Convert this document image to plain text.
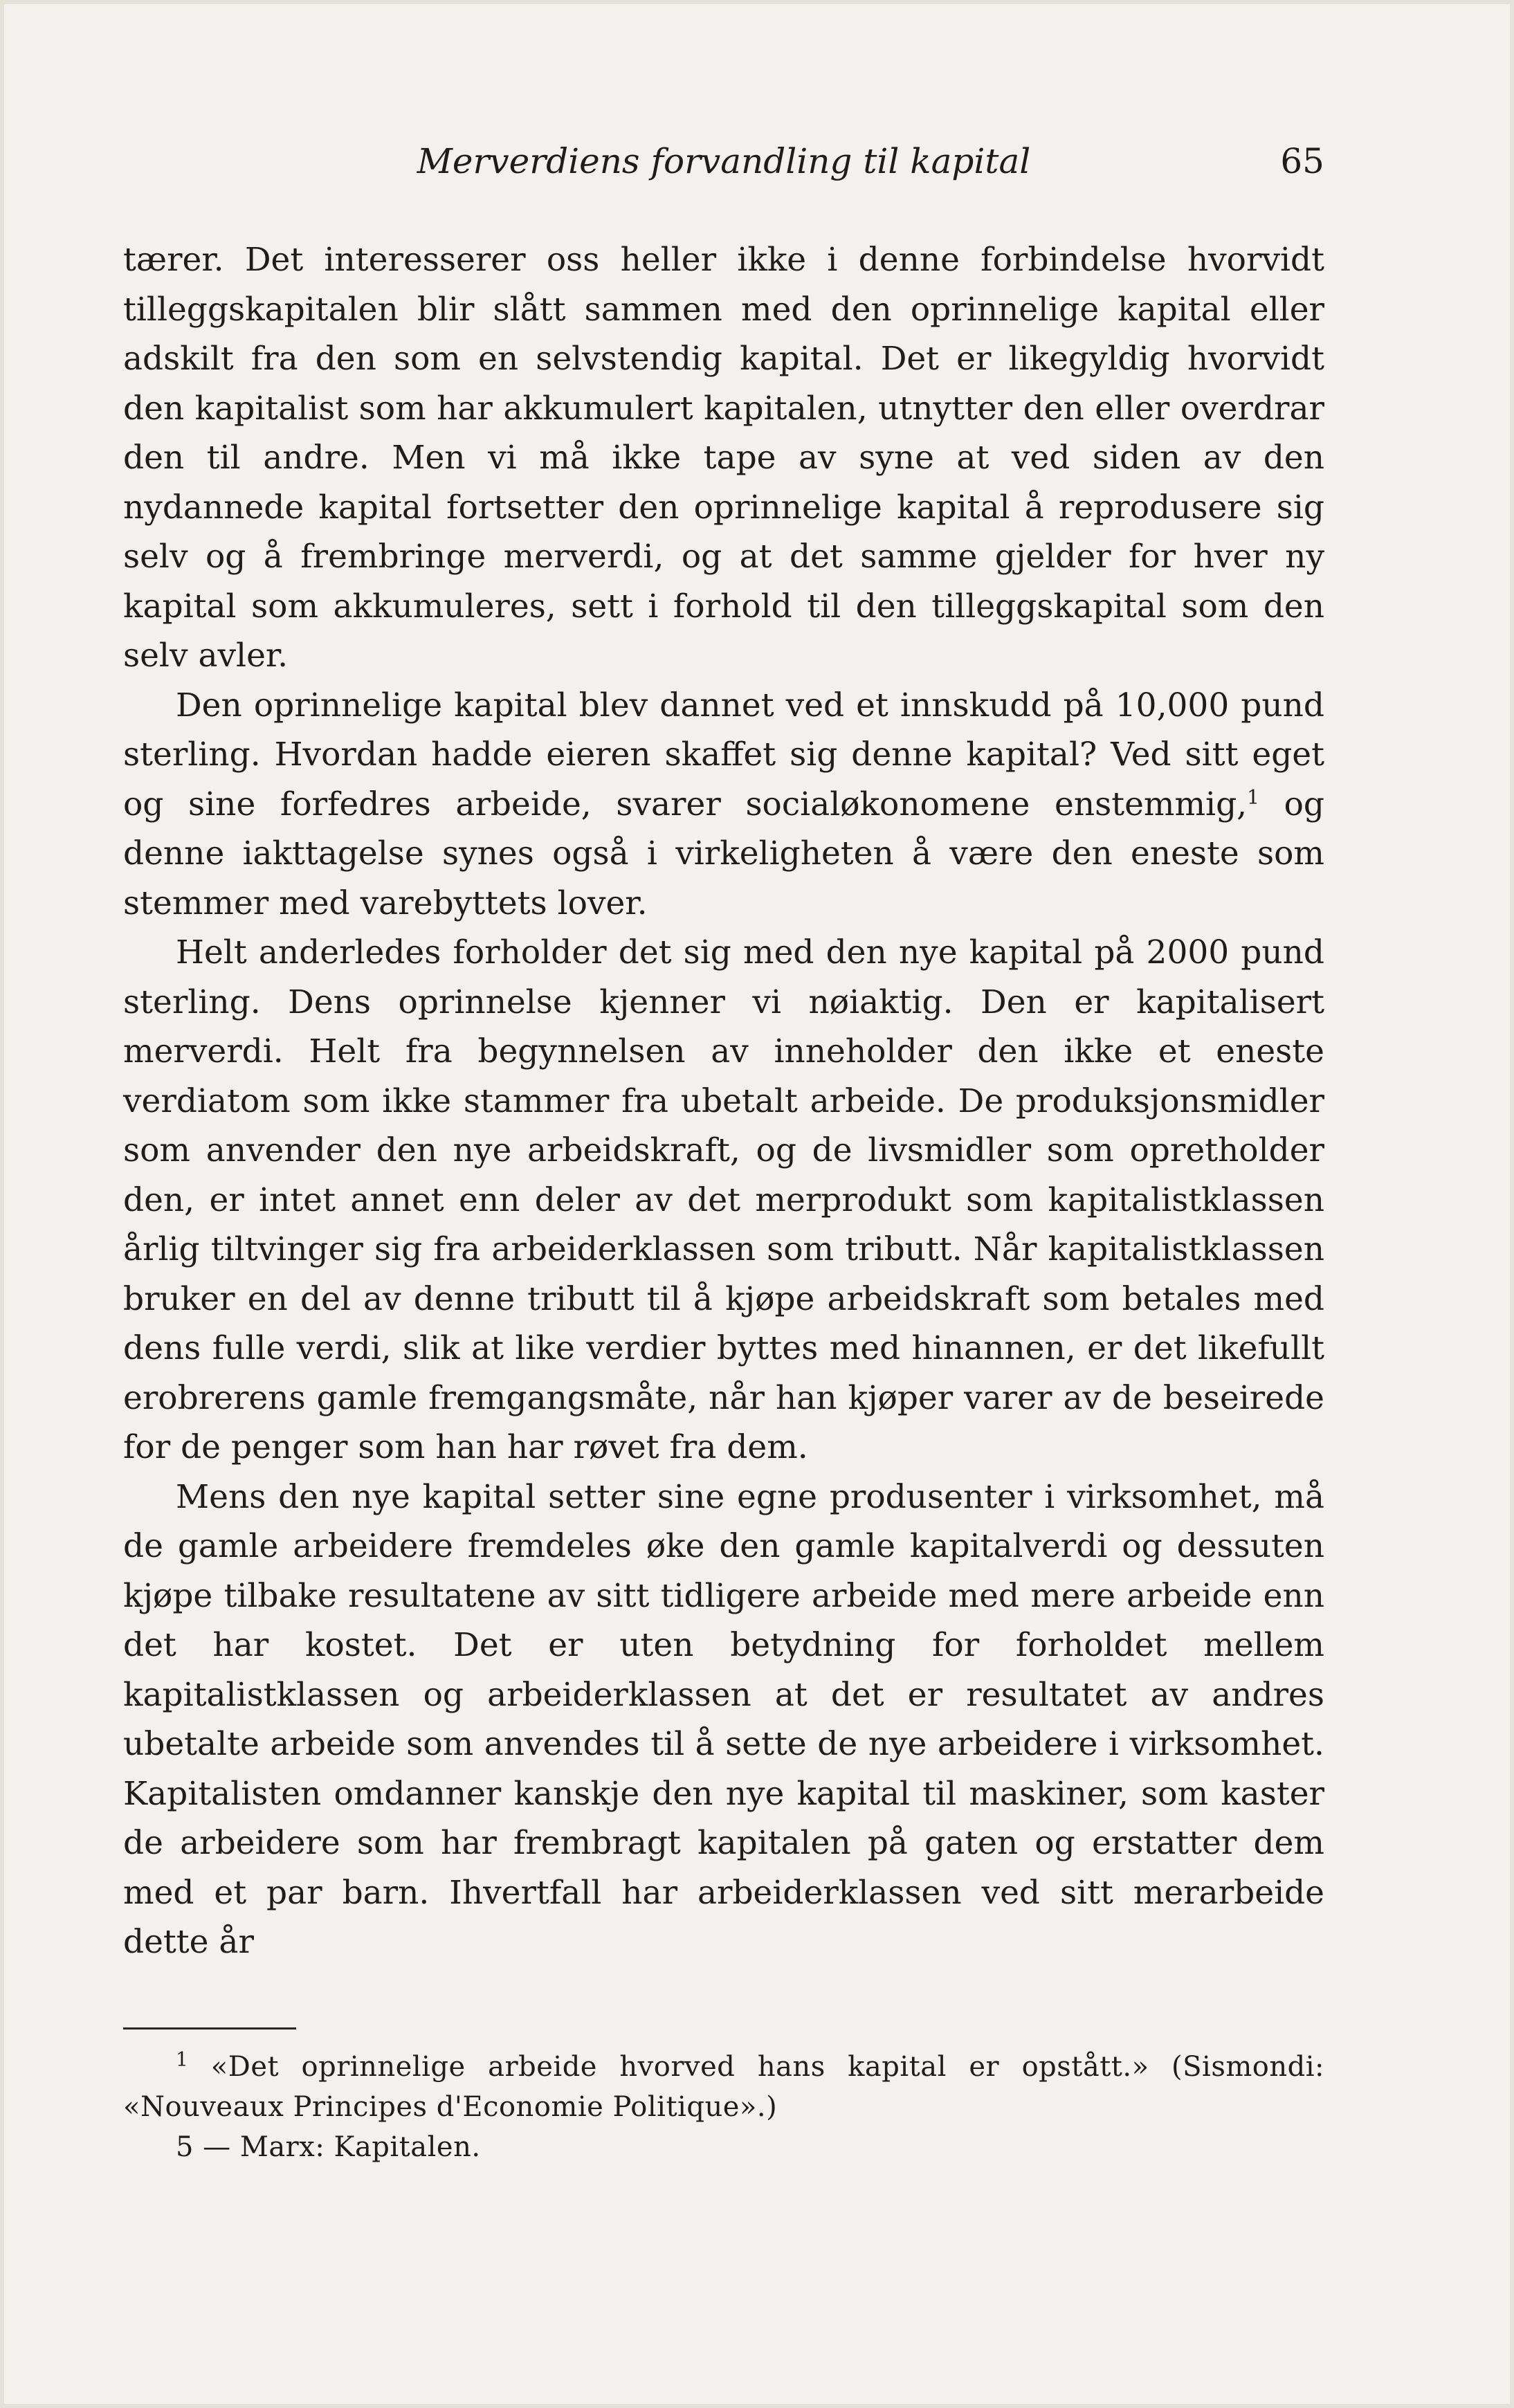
Merverdiens forvandling til kapital	65

tærer. Det interesserer oss heller ikke i denne forbindelse hvorvidt tilleggskapitalen blir slått sammen med den oprinnelige kapital eller adskilt fra den som en selvstendig kapital. Det er likegyldig hvorvidt den kapitalist som har akkumulert kapitalen, utnytter den eller overdrar den til andre. Men vi må ikke tape av syne at ved siden av den nydannede kapital fortsetter den oprinnelige kapital å reprodusere sig selv og å frembringe merverdi, og at det samme gjelder for hver ny kapital som akkumuleres, sett i forhold til den tilleggskapital som den selv avler.

Den oprinnelige kapital blev dannet ved et innskudd på 10,000 pund sterling. Hvordan hadde eieren skaffet sig denne kapital? Ved sitt eget og sine forfedres arbeide, svarer socialøkonomene enstemmig,$^1$ og denne iakttagelse synes også i virkeligheten å være den eneste som stemmer med varebyttets lover.

Helt anderledes forholder det sig med den nye kapital på 2000 pund sterling. Dens oprinnelse kjenner vi nøiaktig. Den er kapitalisert merverdi. Helt fra begynnelsen av inneholder den ikke et eneste verdiatom som ikke stammer fra ubetalt arbeide. De produksjonsmidler som anvender den nye arbeidskraft, og de livsmidler som opretholder den, er intet annet enn deler av det merprodukt som kapitalistklassen årlig tiltvinger sig fra arbeiderklassen som tributt. Når kapitalistklassen bruker en del av denne tributt til å kjøpe arbeidskraft som betales med dens fulle verdi, slik at like verdier byttes med hinannen, er det likefullt erobrerens gamle fremgangsmåte, når han kjøper varer av de beseirede for de penger som han har røvet fra dem.

Mens den nye kapital setter sine egne produsenter i virksomhet, må de gamle arbeidere fremdeles øke den gamle kapitalverdi og dessuten kjøpe tilbake resultatene av sitt tidligere arbeide med mere arbeide enn det har kostet. Det er uten betydning for forholdet mellem kapitalistklassen og arbeiderklassen at det er resultatet av andres ubetalte arbeide som anvendes til å sette de nye arbeidere i virksomhet. Kapitalisten omdanner kanskje den nye kapital til maskiner, som kaster de arbeidere som har frembragt kapitalen på gaten og erstatter dem med et par barn. Ihvertfall har arbeiderklassen ved sitt merarbeide dette år

$^1$ «Det oprinnelige arbeide hvorved hans kapital er opstått.» (Sismondi: «Nouveaux Principes d'Economie Politique».)

5 — Marx: Kapitalen.
